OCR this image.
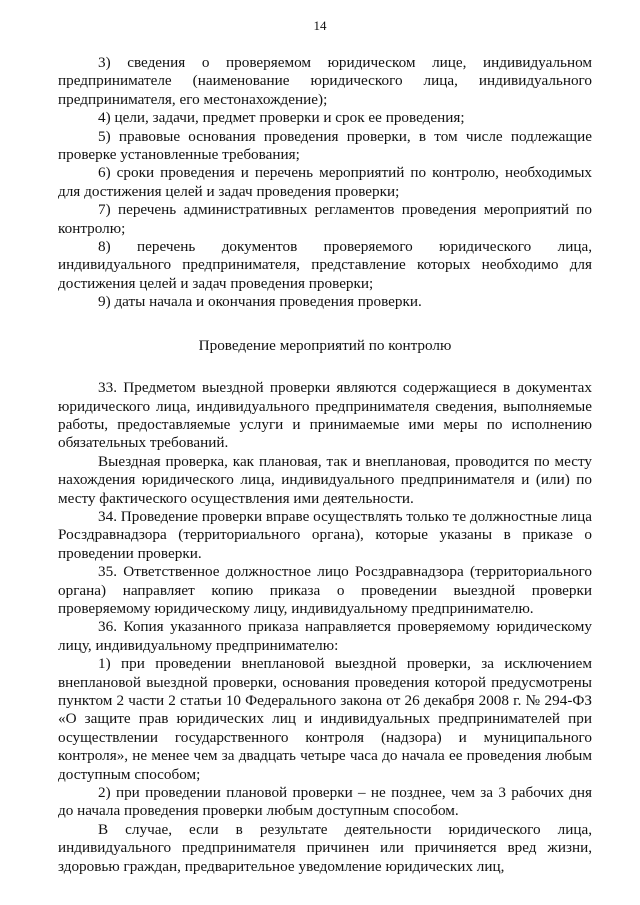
14

3) сведения о проверяемом юридическом лице, индивидуальном предпринимателе (наименование юридического лица, индивидуального предпринимателя, его местонахождение);

4) цели, задачи, предмет проверки и срок ее проведения;

5) правовые основания проведения проверки, в том числе подлежащие проверке установленные требования;

6) сроки проведения и перечень мероприятий по контролю, необходимых для достижения целей и задач проведения проверки;

7) перечень административных регламентов проведения мероприятий по контролю;

8) перечень документов проверяемого юридического лица, индивидуального предпринимателя, представление которых необходимо для достижения целей и задач проведения проверки;

9) даты начала и окончания проведения проверки.

Проведение мероприятий по контролю

33. Предметом выездной проверки являются содержащиеся в документах юридического лица, индивидуального предпринимателя сведения, выполняемые работы, предоставляемые услуги и принимаемые ими меры по исполнению обязательных требований.

Выездная проверка, как плановая, так и внеплановая, проводится по месту нахождения юридического лица, индивидуального предпринимателя и (или) по месту фактического осуществления ими деятельности.

34. Проведение проверки вправе осуществлять только те должностные лица Росздравнадзора (территориального органа), которые указаны в приказе о проведении проверки.

35. Ответственное должностное лицо Росздравнадзора (территориального органа) направляет копию приказа о проведении выездной проверки проверяемому юридическому лицу, индивидуальному предпринимателю.

36. Копия указанного приказа направляется проверяемому юридическому лицу, индивидуальному предпринимателю:

1) при проведении внеплановой выездной проверки, за исключением внеплановой выездной проверки, основания проведения которой предусмотрены пунктом 2 части 2 статьи 10 Федерального закона от 26 декабря 2008 г. № 294-ФЗ «О защите прав юридических лиц и индивидуальных предпринимателей при осуществлении государственного контроля (надзора) и муниципального контроля», не менее чем за двадцать четыре часа до начала ее проведения любым доступным способом;

2) при проведении плановой проверки – не позднее, чем за 3 рабочих дня до начала проведения проверки любым доступным способом.

В случае, если в результате деятельности юридического лица, индивидуального предпринимателя причинен или причиняется вред жизни, здоровью граждан, предварительное уведомление юридических лиц,
